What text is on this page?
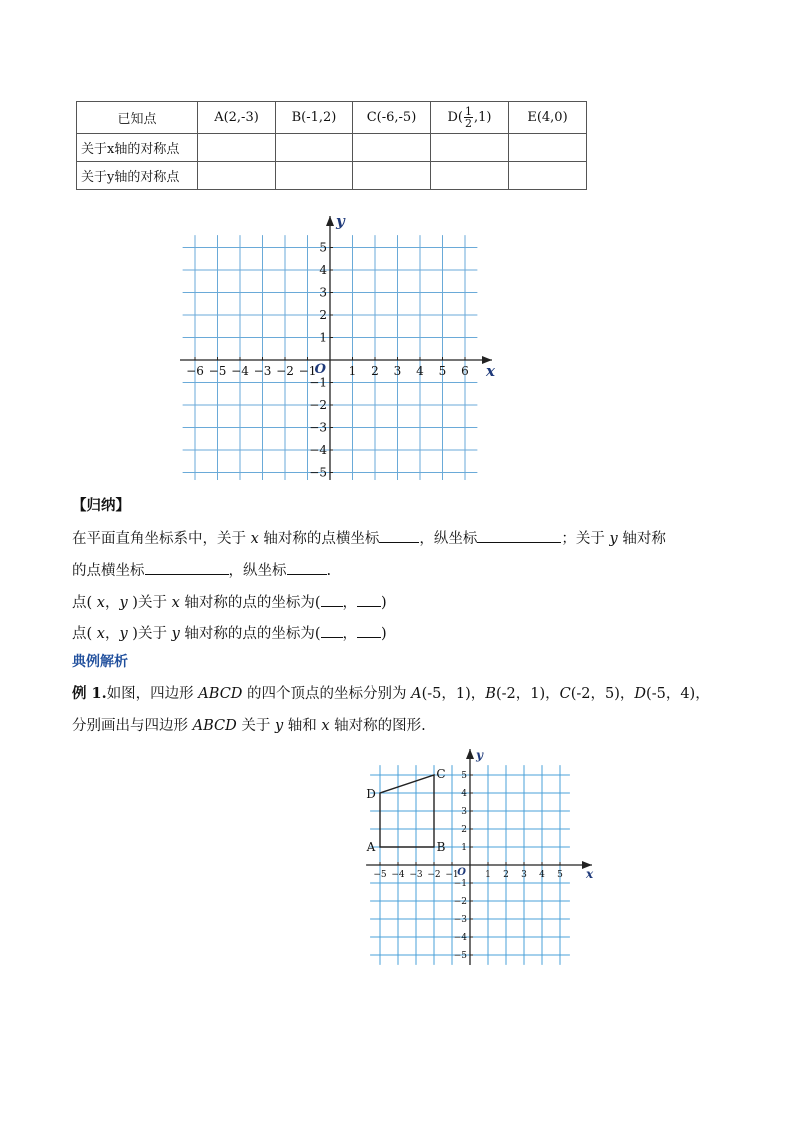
已知点	A(2,-3)	B(-1,2)	C(-6,-5)	$D( \frac{1}{2} ,1)$	E(4,0)
关于x轴的对称点					
关于y轴的对称点					
−6 −5 −4 −3 −2 −1	1 2 3 4 5 6
5
4
3
2
1
−1
−2
−3
−4
−5
O	x
y
【归纳】
在平面直角坐标系中，关于 x 轴对称的点横坐标	，纵坐标	；关于 y 轴对称
的点横坐标	，纵坐标	.
点( x，y )关于 x 轴对称的点的坐标为( ， )
点( x，y )关于 y 轴对称的点的坐标为( ， )
典例解析
例 1.如图，四边形 ABCD 的四个顶点的坐标分别为 A(-5，1)，B(-2，1)，C(-2，5)，D(-5，4)，
分别画出与四边形 ABCD 关于 y 轴和 x 轴对称的图形.
−5 −4 −3 −2 −1	1 2 3 4 5
5
4
3
2
1
−1
−2
−3
−4
−5
O	x
y
A	B
C
D
